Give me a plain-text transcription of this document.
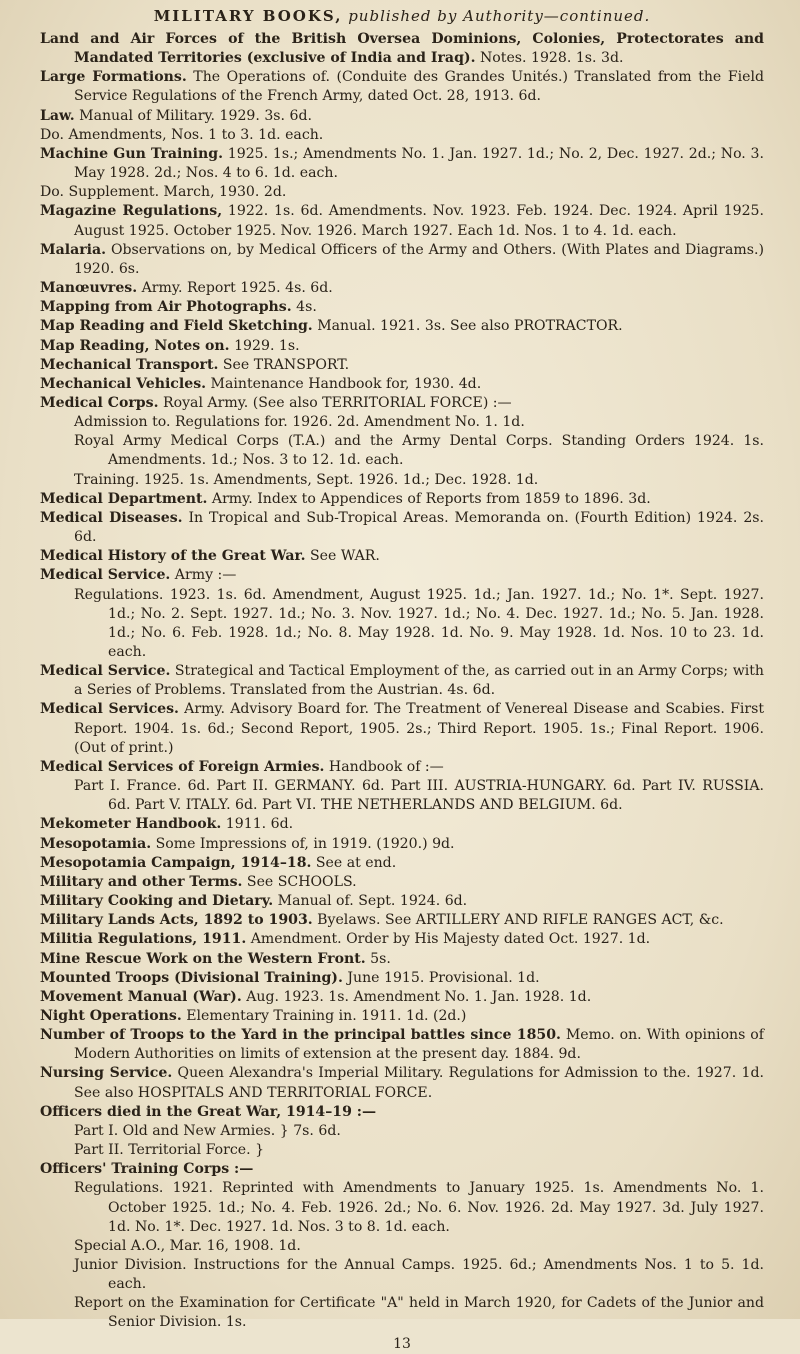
MILITARY BOOKS, published by Authority—continued.

Land and Air Forces of the British Oversea Dominions, Colonies, Protectorates and Mandated Territories (exclusive of India and Iraq). Notes. 1928. 1s. 3d.

Large Formations. The Operations of. (Conduite des Grandes Unités.) Translated from the Field Service Regulations of the French Army, dated Oct. 28, 1913. 6d.

Law. Manual of Military. 1929. 3s. 6d.

Do. Amendments, Nos. 1 to 3. 1d. each.

Machine Gun Training. 1925. 1s.; Amendments No. 1. Jan. 1927. 1d.; No. 2, Dec. 1927. 2d.; No. 3. May 1928. 2d.; Nos. 4 to 6. 1d. each.

Do. Supplement. March, 1930. 2d.

Magazine Regulations, 1922. 1s. 6d. Amendments. Nov. 1923. Feb. 1924. Dec. 1924. April 1925. August 1925. October 1925. Nov. 1926. March 1927. Each 1d. Nos. 1 to 4. 1d. each.

Malaria. Observations on, by Medical Officers of the Army and Others. (With Plates and Diagrams.) 1920. 6s.

Manœuvres. Army. Report 1925. 4s. 6d.

Mapping from Air Photographs. 4s.

Map Reading and Field Sketching. Manual. 1921. 3s. See also PROTRACTOR.

Map Reading, Notes on. 1929. 1s.

Mechanical Transport. See TRANSPORT.

Mechanical Vehicles. Maintenance Handbook for, 1930. 4d.

Medical Corps. Royal Army. (See also TERRITORIAL FORCE) :—

Admission to. Regulations for. 1926. 2d. Amendment No. 1. 1d.

Royal Army Medical Corps (T.A.) and the Army Dental Corps. Standing Orders 1924. 1s. Amendments. 1d.; Nos. 3 to 12. 1d. each.

Training. 1925. 1s. Amendments, Sept. 1926. 1d.; Dec. 1928. 1d.

Medical Department. Army. Index to Appendices of Reports from 1859 to 1896. 3d.

Medical Diseases. In Tropical and Sub-Tropical Areas. Memoranda on. (Fourth Edition) 1924. 2s. 6d.

Medical History of the Great War. See WAR.

Medical Service. Army :—

Regulations. 1923. 1s. 6d. Amendment, August 1925. 1d.; Jan. 1927. 1d.; No. 1*. Sept. 1927. 1d.; No. 2. Sept. 1927. 1d.; No. 3. Nov. 1927. 1d.; No. 4. Dec. 1927. 1d.; No. 5. Jan. 1928. 1d.; No. 6. Feb. 1928. 1d.; No. 8. May 1928. 1d. No. 9. May 1928. 1d. Nos. 10 to 23. 1d. each.

Medical Service. Strategical and Tactical Employment of the, as carried out in an Army Corps; with a Series of Problems. Translated from the Austrian. 4s. 6d.

Medical Services. Army. Advisory Board for. The Treatment of Venereal Disease and Scabies. First Report. 1904. 1s. 6d.; Second Report, 1905. 2s.; Third Report. 1905. 1s.; Final Report. 1906. (Out of print.)

Medical Services of Foreign Armies. Handbook of :—

Part I. France. 6d. Part II. GERMANY. 6d. Part III. AUSTRIA-HUNGARY. 6d. Part IV. RUSSIA. 6d. Part V. ITALY. 6d. Part VI. THE NETHERLANDS AND BELGIUM. 6d.

Mekometer Handbook. 1911. 6d.

Mesopotamia. Some Impressions of, in 1919. (1920.) 9d.

Mesopotamia Campaign, 1914–18. See at end.

Military and other Terms. See SCHOOLS.

Military Cooking and Dietary. Manual of. Sept. 1924. 6d.

Military Lands Acts, 1892 to 1903. Byelaws. See ARTILLERY AND RIFLE RANGES ACT, &c.

Militia Regulations, 1911. Amendment. Order by His Majesty dated Oct. 1927. 1d.

Mine Rescue Work on the Western Front. 5s.

Mounted Troops (Divisional Training). June 1915. Provisional. 1d.

Movement Manual (War). Aug. 1923. 1s. Amendment No. 1. Jan. 1928. 1d.

Night Operations. Elementary Training in. 1911. 1d. (2d.)

Number of Troops to the Yard in the principal battles since 1850. Memo. on. With opinions of Modern Authorities on limits of extension at the present day. 1884. 9d.

Nursing Service. Queen Alexandra's Imperial Military. Regulations for Admission to the. 1927. 1d. See also HOSPITALS AND TERRITORIAL FORCE.

Officers died in the Great War, 1914–19 :—

Part I. Old and New Armies. } 7s. 6d.

Part II. Territorial Force. }

Officers' Training Corps :—

Regulations. 1921. Reprinted with Amendments to January 1925. 1s. Amendments No. 1. October 1925. 1d.; No. 4. Feb. 1926. 2d.; No. 6. Nov. 1926. 2d. May 1927. 3d. July 1927. 1d. No. 1*. Dec. 1927. 1d. Nos. 3 to 8. 1d. each.

Special A.O., Mar. 16, 1908. 1d.

Junior Division. Instructions for the Annual Camps. 1925. 6d.; Amendments Nos. 1 to 5. 1d. each.

Report on the Examination for Certificate "A" held in March 1920, for Cadets of the Junior and Senior Division. 1s.

13
